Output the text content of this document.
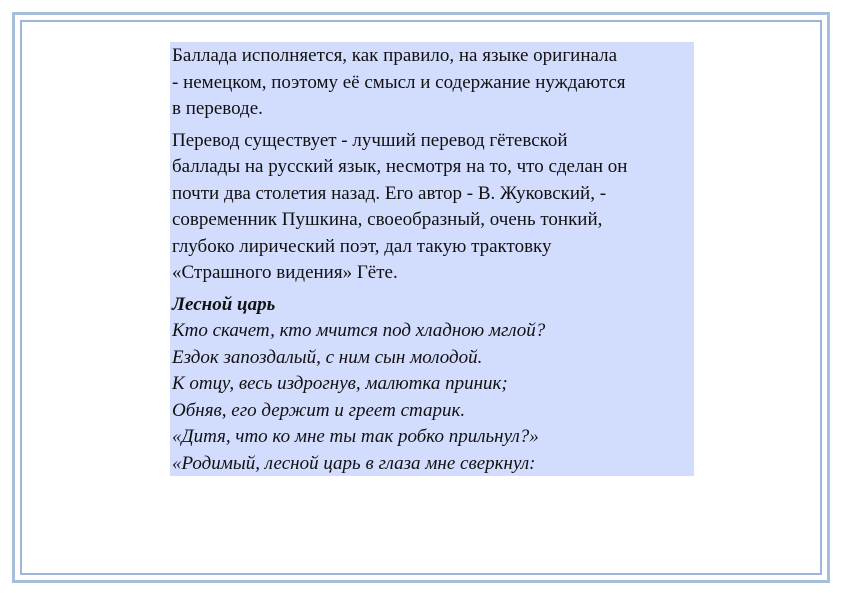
Баллада исполняется, как правило, на языке оригинала
- немецком, поэтому её смысл и содержание нуждаются
в переводе.

Перевод существует - лучший перевод гётевской
баллады на русский язык, несмотря на то, что сделан он
почти два столетия назад. Его автор - В. Жуковский, -
современник Пушкина, своеобразный, очень тонкий,
глубоко лирический поэт, дал такую трактовку
«Страшного видения» Гёте.

Лесной царь
Кто скачет, кто мчится под хладною мглой?
Ездок запоздалый, с ним сын молодой.
К отцу, весь издрогнув, малютка приник;
Обняв, его держит и греет старик.
«Дитя, что ко мне ты так робко прильнул?»
«Родимый, лесной царь в глаза мне сверкнул:
